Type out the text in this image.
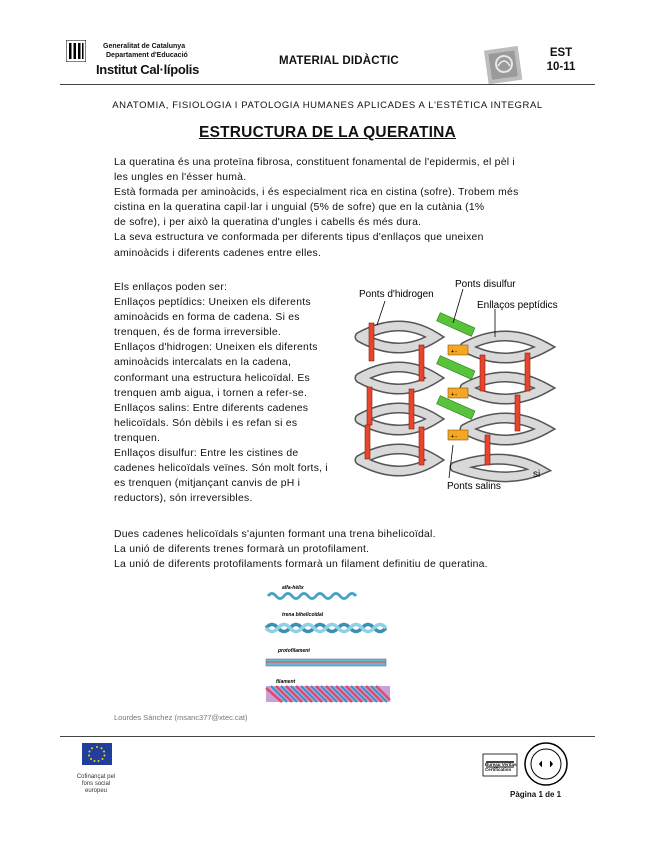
Generalitat de Catalunya
Departament d'Educació
Institut Cal·lípolis
MATERIAL DIDÀCTIC
EST
10-11
ANATOMIA, FISIOLOGIA I PATOLOGIA HUMANES APLICADES A L'ESTÈTICA INTEGRAL
ESTRUCTURA DE LA QUERATINA

La queratina és una proteïna fibrosa, constituent fonamental de l'epidermis, el pèl i

les ungles en l'ésser humà.

Està formada per aminoàcids, i és especialment rica en cistina (sofre). Trobem més

cistina en la queratina capil·lar i unguial (5% de sofre) que en la cutània (1%

de sofre), i per això la queratina d'ungles i cabells és més dura.

La seva estructura ve conformada per diferents tipus d'enllaços que uneixen

aminoàcids i diferents cadenes entre elles.

Els enllaços poden ser:

Enllaços peptídics: Uneixen els diferents

aminoàcids en forma de cadena. Si es

trenquen, és de forma irreversible.

Enllaços d'hidrogen: Uneixen els diferents

aminoàcids intercalats en la cadena,

conformant una estructura helicoïdal. Es

trenquen amb aigua, i tornen a refer-se.

Enllaços salins: Entre diferents cadenes

helicoïdals. Són dèbils i es refan si es

trenquen.

Enllaços disulfur: Entre les cistines de

cadenes helicoïdals veïnes. Són molt forts, i

es trenquen (mitjançant canvis de pH i

reductors), són irreversibles.

+ -
+ -
+ -
Ponts d'hidrogen
Ponts disulfur
Enllaços peptídics
Ponts salins
si

Dues cadenes helicoïdals s'ajunten formant una trena bihelicoïdal.

La unió de diferents trenes formarà un protofilament.

La unió de diferents protofilaments formarà un filament definitiu de queratina.

alfa-hèlix
trena bihelicoïdal
protofilament
filament
Lourdes Sánchez (msanc377@xtec.cat)
Cofinançat pel
fons social
europeu
Bureau Veritas
Certification
Pàgina 1 de 1
